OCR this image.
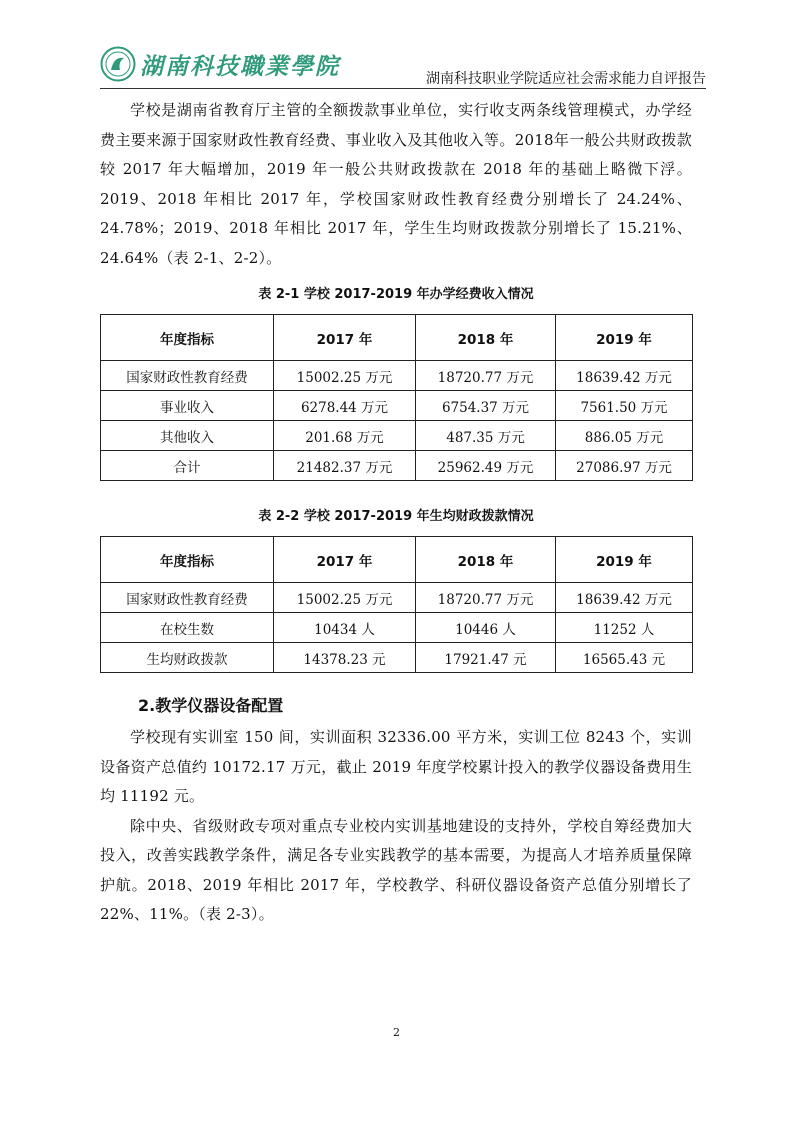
湖南科技職業學院	湖南科技职业学院适应社会需求能力自评报告

学校是湖南省教育厅主管的全额拨款事业单位，实行收支两条线管理模式，办学经费主要来源于国家财政性教育经费、事业收入及其他收入等。2018年一般公共财政拨款较 2017 年大幅增加，2019 年一般公共财政拨款在 2018 年的基础上略微下浮。2019、2018 年相比 2017 年，学校国家财政性教育经费分别增长了 24.24%、24.78%；2019、2018 年相比 2017 年，学生生均财政拨款分别增长了 15.21%、24.64%（表 2-1、2-2）。

表 2-1 学校 2017-2019 年办学经费收入情况
年度指标	2017 年	2018 年	2019 年
国家财政性教育经费	15002.25 万元	18720.77 万元	18639.42 万元
事业收入	6278.44 万元	6754.37 万元	7561.50 万元
其他收入	201.68 万元	487.35 万元	886.05 万元
合计	21482.37 万元	25962.49 万元	27086.97 万元
表 2-2 学校 2017-2019 年生均财政拨款情况
年度指标	2017 年	2018 年	2019 年
国家财政性教育经费	15002.25 万元	18720.77 万元	18639.42 万元
在校生数	10434 人	10446 人	11252 人
生均财政拨款	14378.23 元	17921.47 元	16565.43 元
2.教学仪器设备配置

学校现有实训室 150 间，实训面积 32336.00 平方米，实训工位 8243 个，实训设备资产总值约 10172.17 万元，截止 2019 年度学校累计投入的教学仪器设备费用生均 11192 元。

除中央、省级财政专项对重点专业校内实训基地建设的支持外，学校自筹经费加大投入，改善实践教学条件，满足各专业实践教学的基本需要，为提高人才培养质量保障护航。2018、2019 年相比 2017 年，学校教学、科研仪器设备资产总值分别增长了 22%、11%。（表 2-3）。

2
